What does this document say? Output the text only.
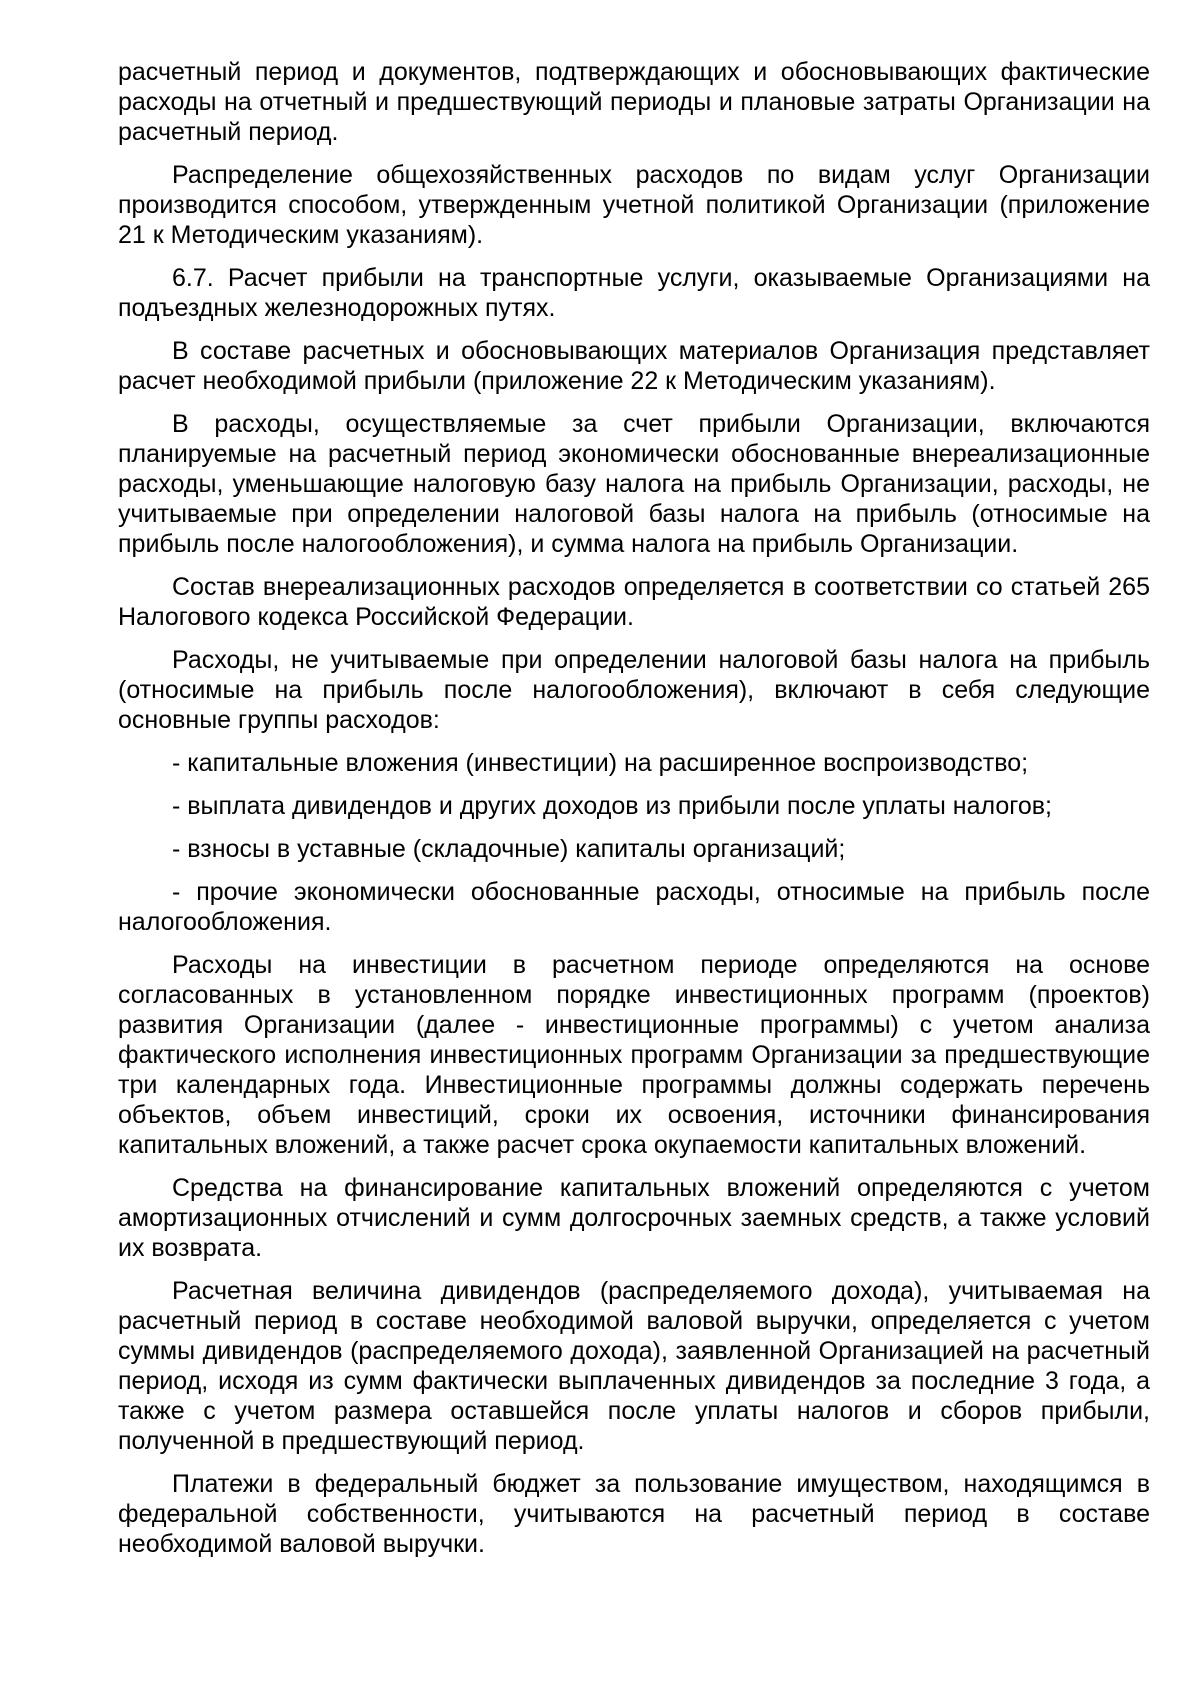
расчетный период и документов, подтверждающих и обосновывающих фактические расходы на отчетный и предшествующий периоды и плановые затраты Организации на расчетный период.

Распределение общехозяйственных расходов по видам услуг Организации производится способом, утвержденным учетной политикой Организации (приложение 21 к Методическим указаниям).

6.7. Расчет прибыли на транспортные услуги, оказываемые Организациями на подъездных железнодорожных путях.

В составе расчетных и обосновывающих материалов Организация представляет расчет необходимой прибыли (приложение 22 к Методическим указаниям).

В расходы, осуществляемые за счет прибыли Организации, включаются планируемые на расчетный период экономически обоснованные внереализационные расходы, уменьшающие налоговую базу налога на прибыль Организации, расходы, не учитываемые при определении налоговой базы налога на прибыль (относимые на прибыль после налогообложения), и сумма налога на прибыль Организации.

Состав внереализационных расходов определяется в соответствии со статьей 265 Налогового кодекса Российской Федерации.

Расходы, не учитываемые при определении налоговой базы налога на прибыль (относимые на прибыль после налогообложения), включают в себя следующие основные группы расходов:

- капитальные вложения (инвестиции) на расширенное воспроизводство;

- выплата дивидендов и других доходов из прибыли после уплаты налогов;

- взносы в уставные (складочные) капиталы организаций;

- прочие экономически обоснованные расходы, относимые на прибыль после налогообложения.

Расходы на инвестиции в расчетном периоде определяются на основе согласованных в установленном порядке инвестиционных программ (проектов) развития Организации (далее - инвестиционные программы) с учетом анализа фактического исполнения инвестиционных программ Организации за предшествующие три календарных года. Инвестиционные программы должны содержать перечень объектов, объем инвестиций, сроки их освоения, источники финансирования капитальных вложений, а также расчет срока окупаемости капитальных вложений.

Средства на финансирование капитальных вложений определяются с учетом амортизационных отчислений и сумм долгосрочных заемных средств, а также условий их возврата.

Расчетная величина дивидендов (распределяемого дохода), учитываемая на расчетный период в составе необходимой валовой выручки, определяется с учетом суммы дивидендов (распределяемого дохода), заявленной Организацией на расчетный период, исходя из сумм фактически выплаченных дивидендов за последние 3 года, а также с учетом размера оставшейся после уплаты налогов и сборов прибыли, полученной в предшествующий период.

Платежи в федеральный бюджет за пользование имуществом, находящимся в федеральной собственности, учитываются на расчетный период в составе необходимой валовой выручки.
